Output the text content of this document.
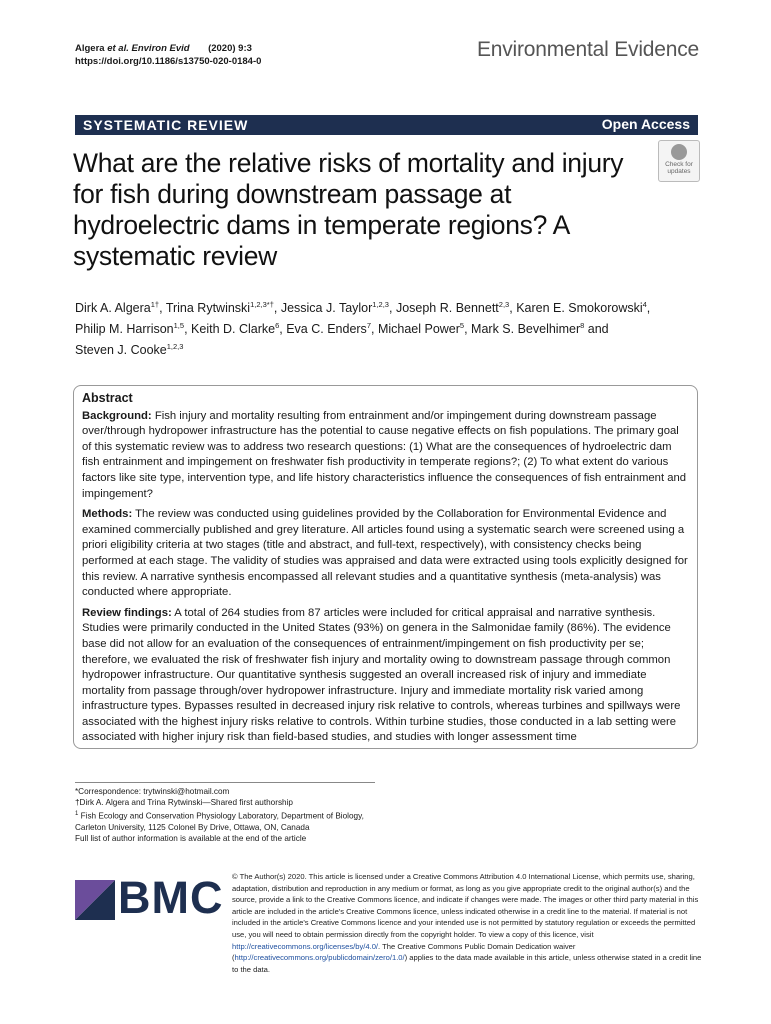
Algera et al. Environ Evid (2020) 9:3
https://doi.org/10.1186/s13750-020-0184-0
Environmental Evidence
SYSTEMATIC REVIEW	Open Access
What are the relative risks of mortality and injury for fish during downstream passage at hydroelectric dams in temperate regions? A systematic review
Check for
updates
Dirk A. Algera$^{1\dagger}$, Trina Rytwinski$^{1,2,3*\dagger}$, Jessica J. Taylor$^{1,2,3}$, Joseph R. Bennett$^{2,3}$, Karen E. Smokorowski$^4$,
Philip M. Harrison$^{1,5}$, Keith D. Clarke$^6$, Eva C. Enders$^7$, Michael Power$^5$, Mark S. Bevelhimer$^8$ and
Steven J. Cooke$^{1,2,3}$
Abstract

Background: Fish injury and mortality resulting from entrainment and/or impingement during downstream passage over/through hydropower infrastructure has the potential to cause negative effects on fish populations. The primary goal of this systematic review was to address two research questions: (1) What are the consequences of hydroelectric dam fish entrainment and impingement on freshwater fish productivity in temperate regions?; (2) To what extent do various factors like site type, intervention type, and life history characteristics influence the consequences of fish entrainment and impingement?

Methods: The review was conducted using guidelines provided by the Collaboration for Environmental Evidence and examined commercially published and grey literature. All articles found using a systematic search were screened using a priori eligibility criteria at two stages (title and abstract, and full-text, respectively), with consistency checks being performed at each stage. The validity of studies was appraised and data were extracted using tools explicitly designed for this review. A narrative synthesis encompassed all relevant studies and a quantitative synthesis (meta-analysis) was conducted where appropriate.

Review findings: A total of 264 studies from 87 articles were included for critical appraisal and narrative synthesis. Studies were primarily conducted in the United States (93%) on genera in the Salmonidae family (86%). The evidence base did not allow for an evaluation of the consequences of entrainment/impingement on fish productivity per se; therefore, we evaluated the risk of freshwater fish injury and mortality owing to downstream passage through common hydropower infrastructure. Our quantitative synthesis suggested an overall increased risk of injury and immediate mortality from passage through/over hydropower infrastructure. Injury and immediate mortality risk varied among infrastructure types. Bypasses resulted in decreased injury risk relative to controls, whereas turbines and spillways were associated with the highest injury risks relative to controls. Within turbine studies, those conducted in a lab setting were associated with higher injury risk than field-based studies, and studies with longer assessment time

*Correspondence: trytwinski@hotmail.com
†Dirk A. Algera and Trina Rytwinski—Shared first authorship
$^1$ Fish Ecology and Conservation Physiology Laboratory, Department of Biology, Carleton University, 1125 Colonel By Drive, Ottawa, ON, Canada
Full list of author information is available at the end of the article
BMC © The Author(s) 2020. This article is licensed under a Creative Commons Attribution 4.0 International License, which permits use, sharing, adaptation, distribution and reproduction in any medium or format, as long as you give appropriate credit to the original author(s) and the source, provide a link to the Creative Commons licence, and indicate if changes were made. The images or other third party material in this article are included in the article's Creative Commons licence, unless indicated otherwise in a credit line to the material. If material is not included in the article's Creative Commons licence and your intended use is not permitted by statutory regulation or exceeds the permitted use, you will need to obtain permission directly from the copyright holder. To view a copy of this licence, visit http://creativecommons.org/licenses/by/4.0/. The Creative Commons Public Domain Dedication waiver (http://creativecommons.org/publicdomain/zero/1.0/) applies to the data made available in this article, unless otherwise stated in a credit line to the data.
